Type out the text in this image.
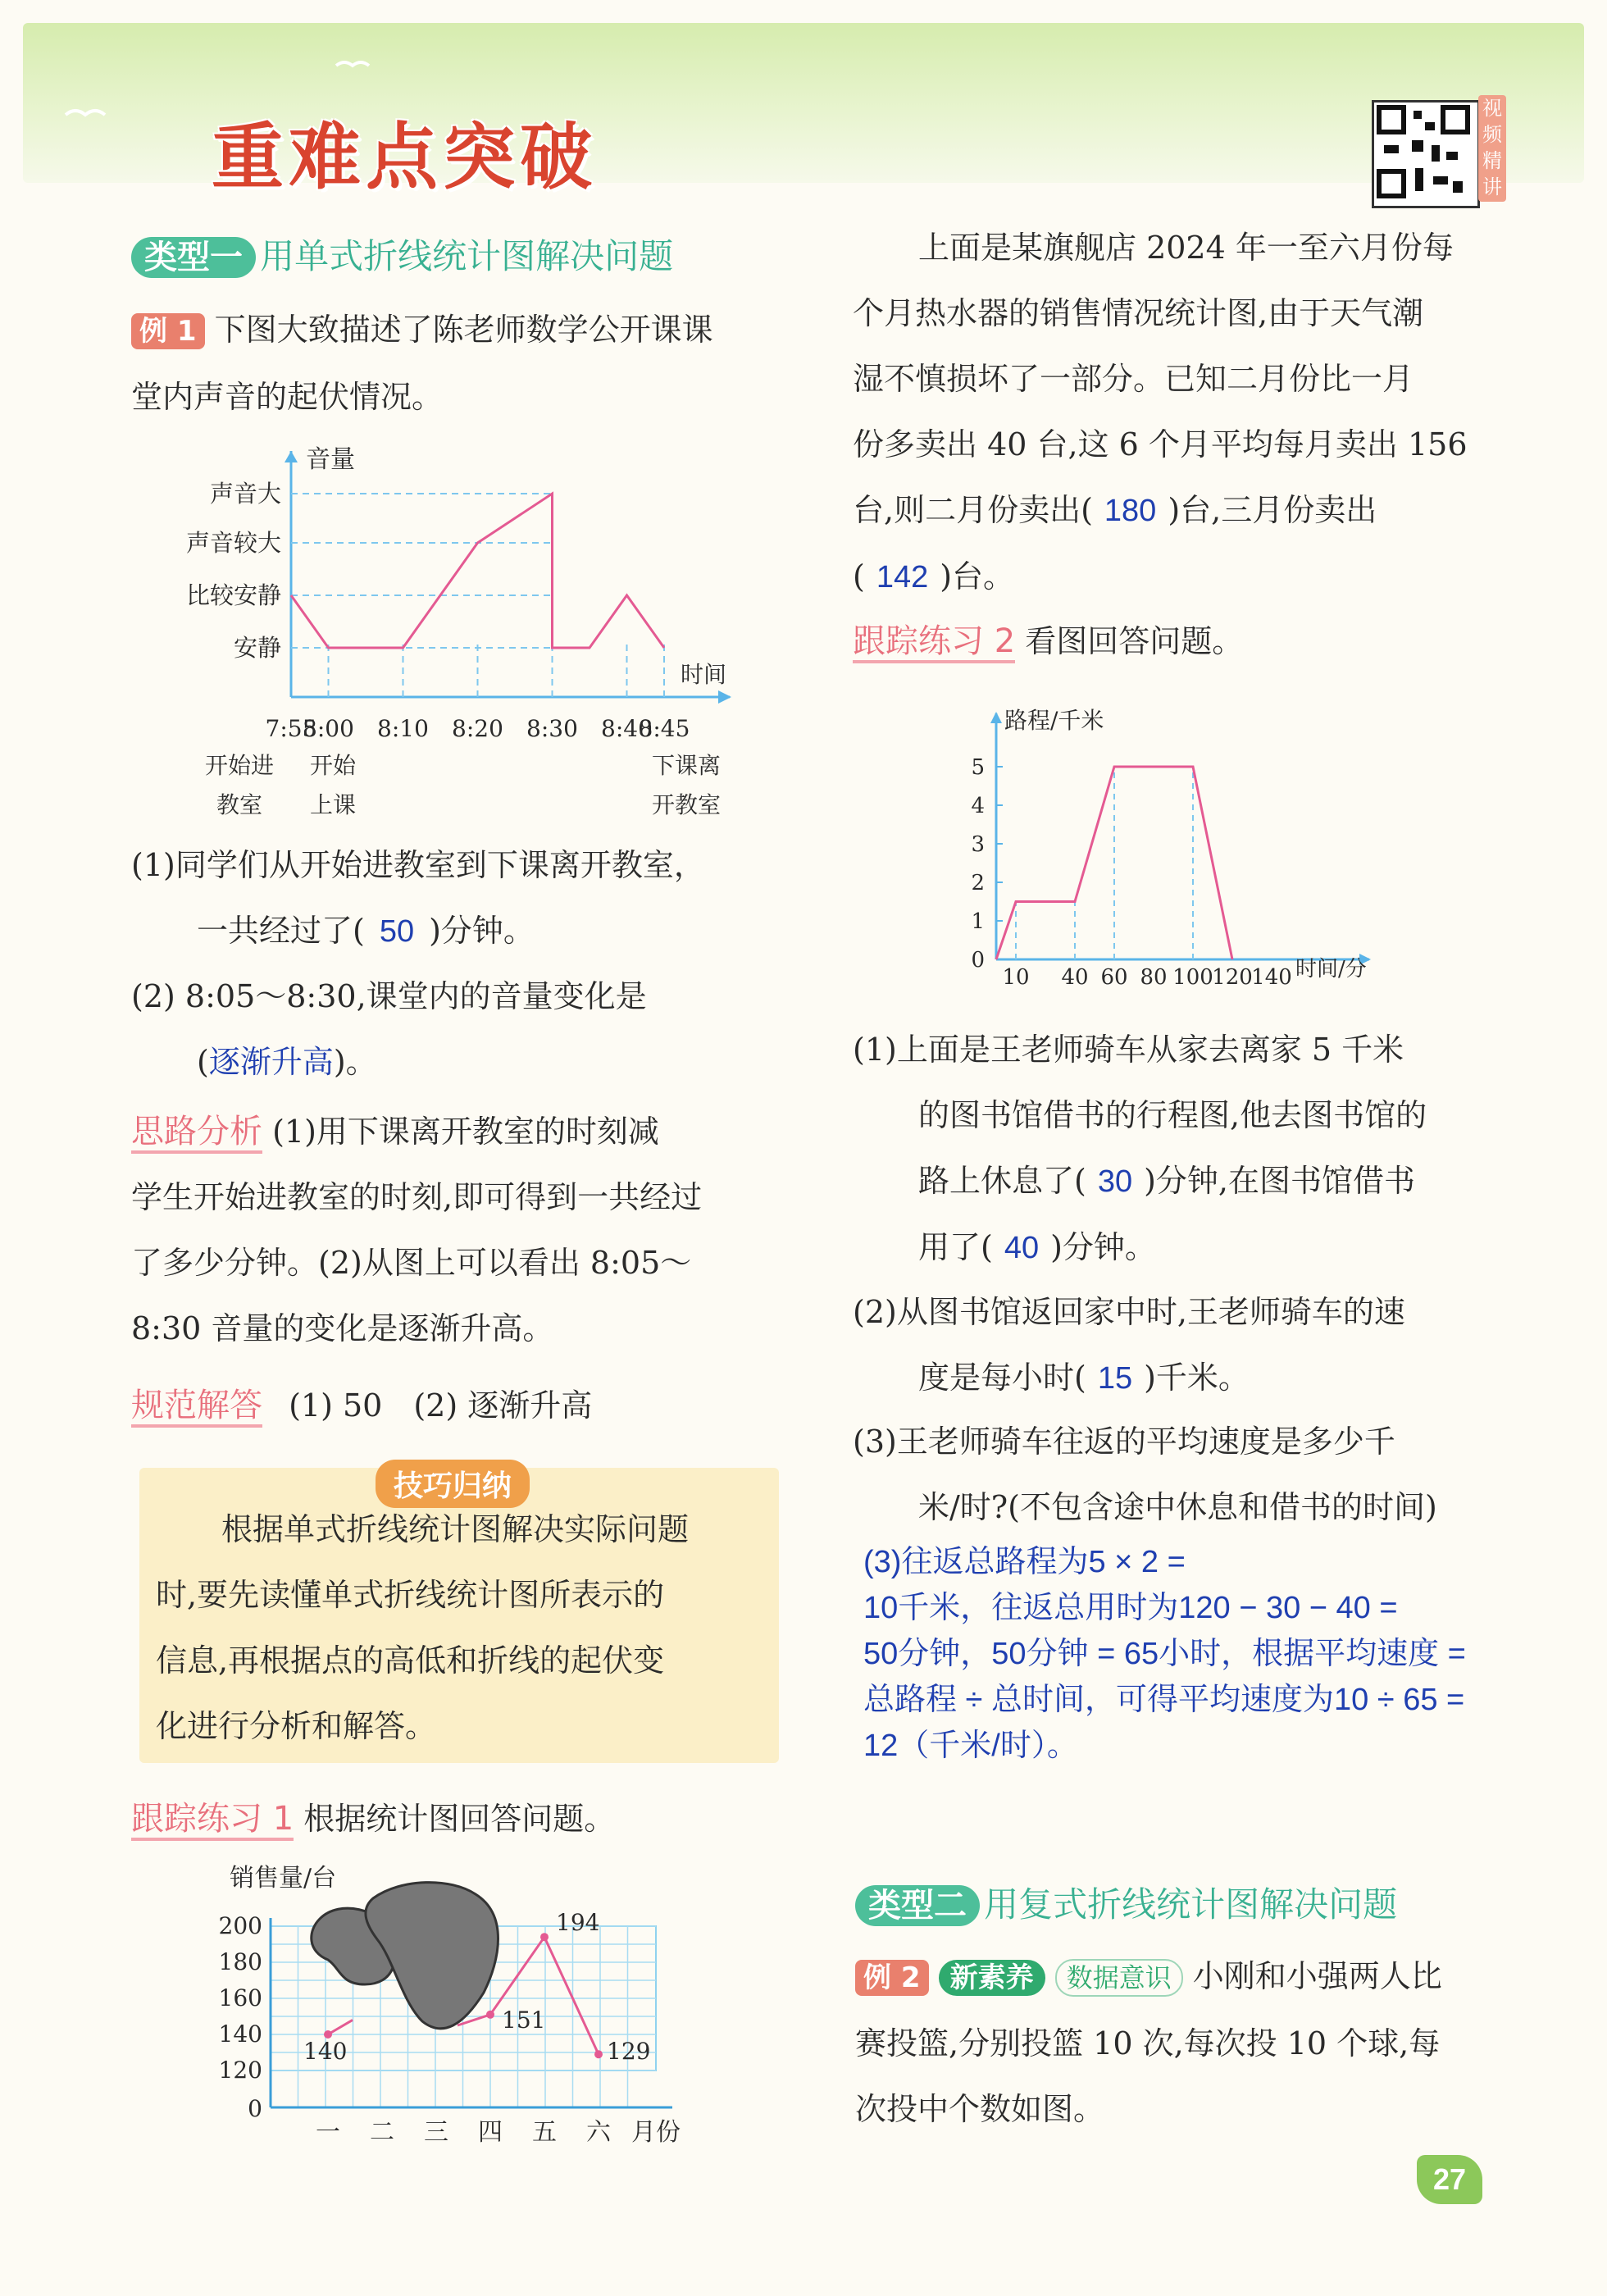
重难点突破
视频精讲
类型一 用单式折线统计图解决问题
例 1 下图大致描述了陈老师数学公开课课
堂内声音的起伏情况。
音量
时间
声音大
声音较大
比较安静
安静
7:55
8:00 8:10 8:20 8:30 8:40
8:45
开始进
教室
开始
上课
下课离
开教室
(1)同学们从开始进教室到下课离开教室，
一共经过了( 50 )分钟。
(2) 8:05～8:30,课堂内的音量变化是
(逐渐升高)。
思路分析 (1)用下课离开教室的时刻减
学生开始进教室的时刻,即可得到一共经过
了多少分钟。(2)从图上可以看出 8:05～
8:30 音量的变化是逐渐升高。
规范解答 (1) 50　(2) 逐渐升高
技巧归纳
根据单式折线统计图解决实际问题
时,要先读懂单式折线统计图所表示的
信息,再根据点的高低和折线的起伏变
化进行分析和解答。
跟踪练习 1 根据统计图回答问题。
销售量/台
0
120
140
160
180
200
一 二 三 四 五 六 月份
140
151
194
129
上面是某旗舰店 2024 年一至六月份每
个月热水器的销售情况统计图,由于天气潮
湿不慎损坏了一部分。已知二月份比一月
份多卖出 40 台,这 6 个月平均每月卖出 156
台,则二月份卖出( 180 )台,三月份卖出
( 142 )台。
跟踪练习 2 看图回答问题。
路程/千米
时间/分
0
1
2
3
4
5
10 40 60 80 100
120
140
(1)上面是王老师骑车从家去离家 5 千米
的图书馆借书的行程图,他去图书馆的
路上休息了( 30 )分钟,在图书馆借书
用了( 40 )分钟。
(2)从图书馆返回家中时,王老师骑车的速
度是每小时( 15 )千米。
(3)王老师骑车往返的平均速度是多少千
米/时?(不包含途中休息和借书的时间)
(3)往返总路程为5 × 2 =
10千米，往返总用时为120 − 30 − 40 =
50分钟，50分钟 = 65小时，根据平均速度 =
总路程 ÷ 总时间，可得平均速度为10 ÷ 65 =
12（千米/时）。
类型二 用复式折线统计图解决问题
例 2 新素养 数据意识 小刚和小强两人比
赛投篮,分别投篮 10 次,每次投 10 个球,每
次投中个数如图。
27
